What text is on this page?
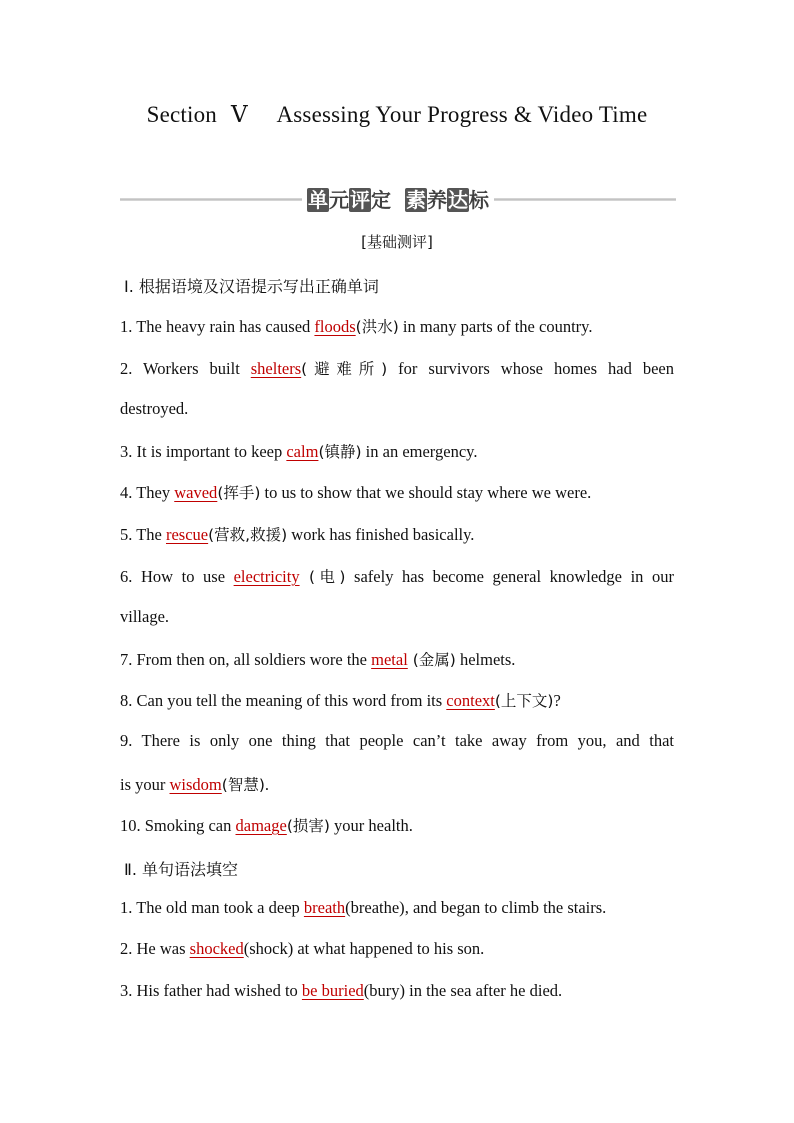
Section Ⅴ Assessing Your Progress & Video Time
单 元 评 定 素 养 达 标
[基础测评]
Ⅰ. 根据语境及汉语提示写出正确单词
1. The heavy rain has caused floods(洪水) in many parts of the country.
2. Workers built shelters(避难所) for survivors whose homes had been
destroyed.
3. It is important to keep calm(镇静) in an emergency.
4. They waved(挥手) to us to show that we should stay where we were.
5. The rescue(营救,救援) work has finished basically.
6. How to use electricity (电) safely has become general knowledge in our
village.
7. From then on, all soldiers wore the metal (金属) helmets.
8. Can you tell the meaning of this word from its context(上下文)?
9. There is only one thing that people can’t take away from you, and that
is your wisdom(智慧).
10. Smoking can damage(损害) your health.
Ⅱ. 单句语法填空
1. The old man took a deep breath(breathe), and began to climb the stairs.
2. He was shocked(shock) at what happened to his son.
3. His father had wished to be buried(bury) in the sea after he died.
